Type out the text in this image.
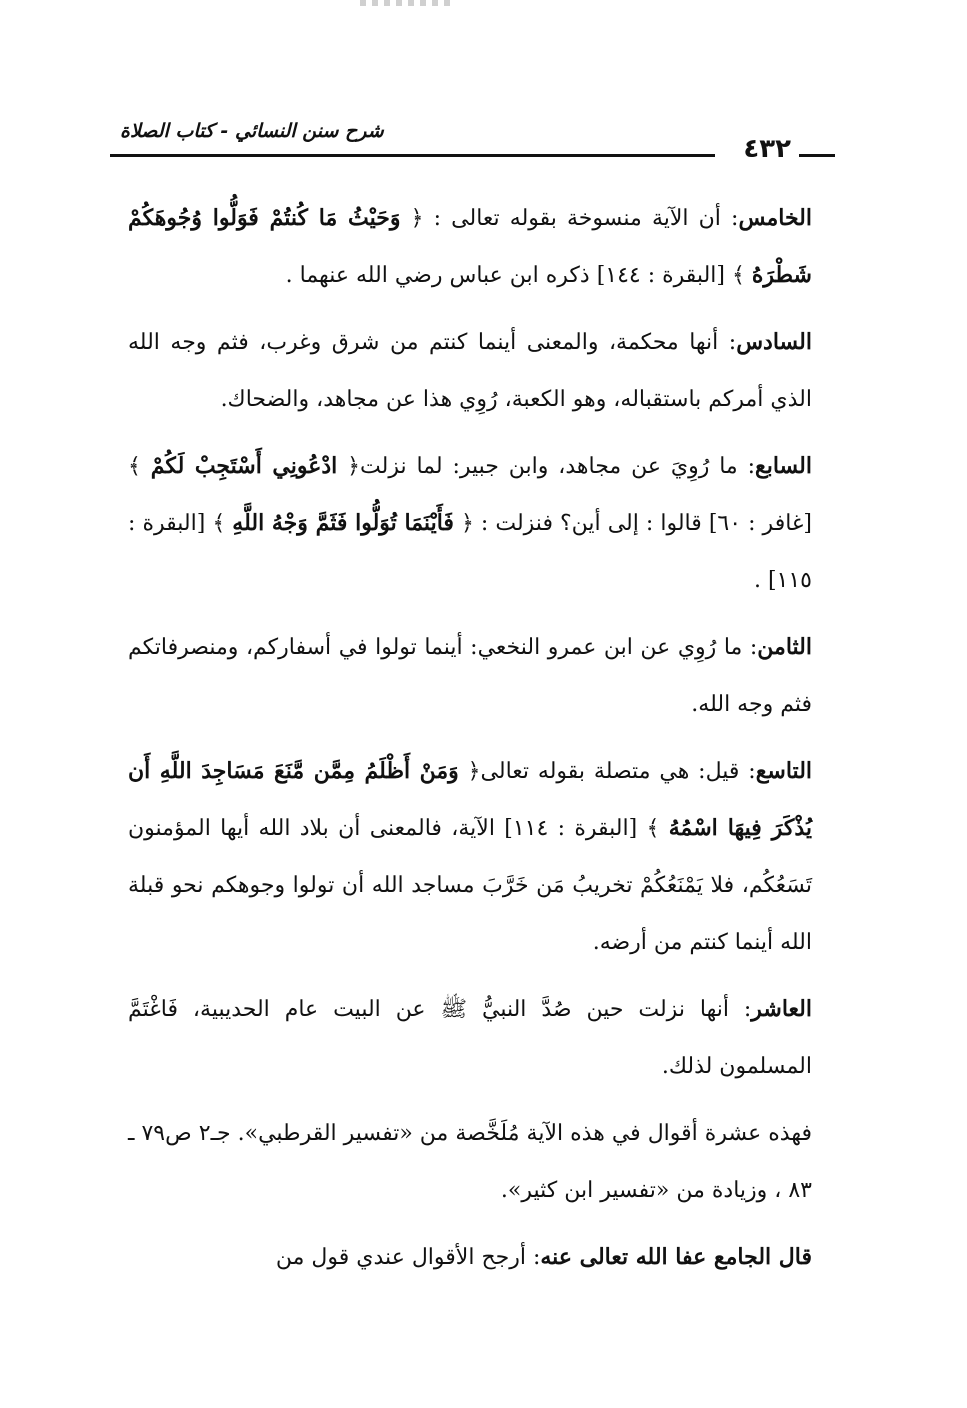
شرح سنن النسائي - كتاب الصلاة
٤٣٢

الخامس: أن الآية منسوخة بقوله تعالى : ﴿ وَحَيْثُ مَا كُنتُمْ فَوَلُّوا وُجُوهَكُمْ شَطْرَهُ ﴾ [البقرة : ١٤٤] ذكره ابن عباس رضي الله عنهما .

السادس: أنها محكمة، والمعنى أينما كنتم من شرق وغرب، فثم وجه الله الذي أمركم باستقباله، وهو الكعبة، رُوِي هذا عن مجاهد، والضحاك.

السابع: ما رُوِيَ عن مجاهد، وابن جبير: لما نزلت﴿ ادْعُونِي أَسْتَجِبْ لَكُمْ ﴾ [غافر : ٦٠] قالوا : إلى أين؟ فنزلت : ﴿ فَأَيْنَمَا تُوَلُّوا فَثَمَّ وَجْهُ اللَّهِ ﴾ [البقرة : ١١٥] .

الثامن: ما رُوِي عن ابن عمرو النخعي: أينما تولوا في أسفاركم، ومنصرفاتكم فثم وجه الله.

التاسع: قيل: هي متصلة بقوله تعالى﴿ وَمَنْ أَظْلَمُ مِمَّن مَّنَعَ مَسَاجِدَ اللَّهِ أَن يُذْكَرَ فِيهَا اسْمُهُ ﴾ [البقرة : ١١٤] الآية، فالمعنى أن بلاد الله أيها المؤمنون تَسَعُكُم، فلا يَمْنَعُكُمْ تخريبُ مَن خَرَّبَ مساجد الله أن تولوا وجوهكم نحو قبلة الله أينما كنتم من أرضه.

العاشر: أنها نزلت حين صُدَّ النبيُّ ﷺ عن البيت عام الحديبية، فَاغْتَمَّ المسلمون لذلك.

فهذه عشرة أقوال في هذه الآية مُلَخَّصة من «تفسير القرطبي». جـ٢ ص٧٩ ـ ٨٣ ، وزيادة من «تفسير ابن كثير».

قال الجامع عفا الله تعالى عنه: أرجح الأقوال عندي قول من
